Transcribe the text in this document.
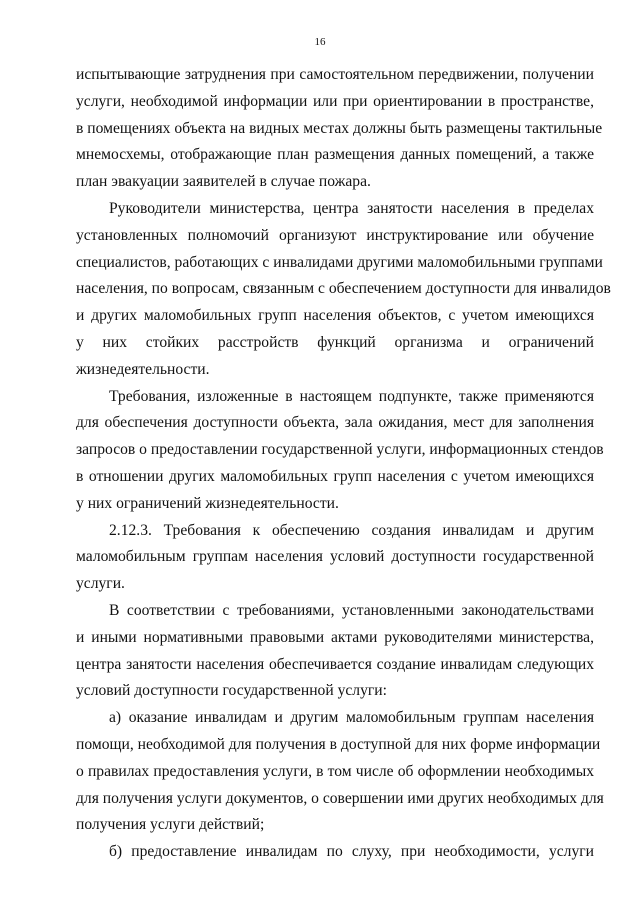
16
испытывающие затруднения при самостоятельном передвижении, получении
услуги, необходимой информации или при ориентировании в пространстве,
в помещениях объекта на видных местах должны быть размещены тактильные
мнемосхемы, отображающие план размещения данных помещений, а также
план эвакуации заявителей в случае пожара.
Руководители министерства, центра занятости населения в пределах
установленных полномочий организуют инструктирование или обучение
специалистов, работающих с инвалидами другими маломобильными группами
населения, по вопросам, связанным с обеспечением доступности для инвалидов
и других маломобильных групп населения объектов, с учетом имеющихся
у них стойких расстройств функций организма и ограничений
жизнедеятельности.
Требования, изложенные в настоящем подпункте, также применяются
для обеспечения доступности объекта, зала ожидания, мест для заполнения
запросов о предоставлении государственной услуги, информационных стендов
в отношении других маломобильных групп населения с учетом имеющихся
у них ограничений жизнедеятельности.
2.12.3. Требования к обеспечению создания инвалидам и другим
маломобильным группам населения условий доступности государственной
услуги.
В соответствии с требованиями, установленными законодательствами
и иными нормативными правовыми актами руководителями министерства,
центра занятости населения обеспечивается создание инвалидам следующих
условий доступности государственной услуги:
а) оказание инвалидам и другим маломобильным группам населения
помощи, необходимой для получения в доступной для них форме информации
о правилах предоставления услуги, в том числе об оформлении необходимых
для получения услуги документов, о совершении ими других необходимых для
получения услуги действий;
б) предоставление инвалидам по слуху, при необходимости, услуги
